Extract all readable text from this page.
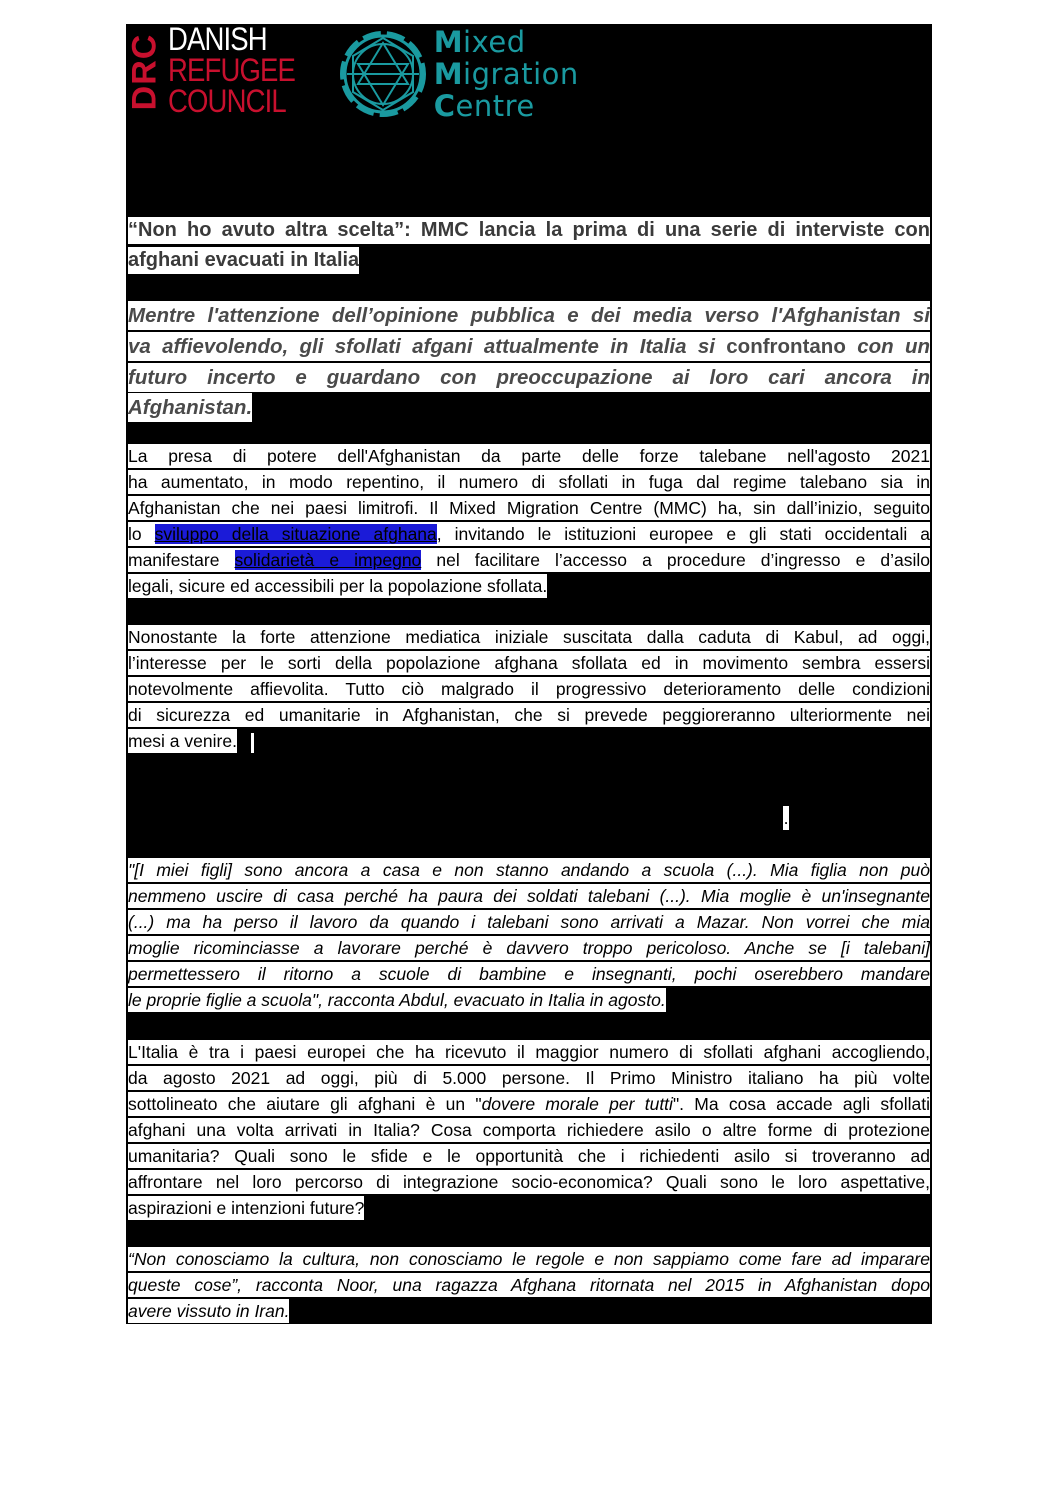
DRC DANISH
REFUGEE
COUNCIL
Mixed
Migration
Centre
“Non ho avuto altra scelta”: MMC lancia la prima di una serie di interviste con
afghani evacuati in Italia
Mentre l'attenzione dell’opinione pubblica e dei media verso l'Afghanistan si
va affievolendo, gli sfollati afgani attualmente in Italia si confrontano con un
futuro incerto e guardano con preoccupazione ai loro cari ancora in
Afghanistan.
La presa di potere dell'Afghanistan da parte delle forze talebane nell'agosto 2021
ha aumentato, in modo repentino, il numero di sfollati in fuga dal regime talebano sia in
Afghanistan che nei paesi limitrofi. Il Mixed Migration Centre (MMC) ha, sin dall’inizio, seguito
lo sviluppo della situazione afghana, invitando le istituzioni europee e gli stati occidentali a
manifestare solidarietà e impegno nel facilitare l’accesso a procedure d’ingresso e d’asilo
legali, sicure ed accessibili per la popolazione sfollata.
Nonostante la forte attenzione mediatica iniziale suscitata dalla caduta di Kabul, ad oggi,
l’interesse per le sorti della popolazione afghana sfollata ed in movimento sembra essersi
notevolmente affievolita. Tutto ciò malgrado il progressivo deterioramento delle condizioni
di sicurezza ed umanitarie in Afghanistan, che si prevede peggioreranno ulteriormente nei
mesi a venire.
.
"[I miei figli] sono ancora a casa e non stanno andando a scuola (...). Mia figlia non può
nemmeno uscire di casa perché ha paura dei soldati talebani (...). Mia moglie è un'insegnante
(...) ma ha perso il lavoro da quando i talebani sono arrivati a Mazar. Non vorrei che mia
moglie ricominciasse a lavorare perché è davvero troppo pericoloso. Anche se [i talebani]
permettessero il ritorno a scuole di bambine e insegnanti, pochi oserebbero mandare
le proprie figlie a scuola", racconta Abdul, evacuato in Italia in agosto.
L'Italia è tra i paesi europei che ha ricevuto il maggior numero di sfollati afghani accogliendo,
da agosto 2021 ad oggi, più di 5.000 persone. Il Primo Ministro italiano ha più volte
sottolineato che aiutare gli afghani è un "dovere morale per tutti". Ma cosa accade agli sfollati
afghani una volta arrivati in Italia? Cosa comporta richiedere asilo o altre forme di protezione
umanitaria? Quali sono le sfide e le opportunità che i richiedenti asilo si troveranno ad
affrontare nel loro percorso di integrazione socio-economica? Quali sono le loro aspettative,
aspirazioni e intenzioni future?
“Non conosciamo la cultura, non conosciamo le regole e non sappiamo come fare ad imparare
queste cose”, racconta Noor, una ragazza Afghana ritornata nel 2015 in Afghanistan dopo
avere vissuto in Iran.
